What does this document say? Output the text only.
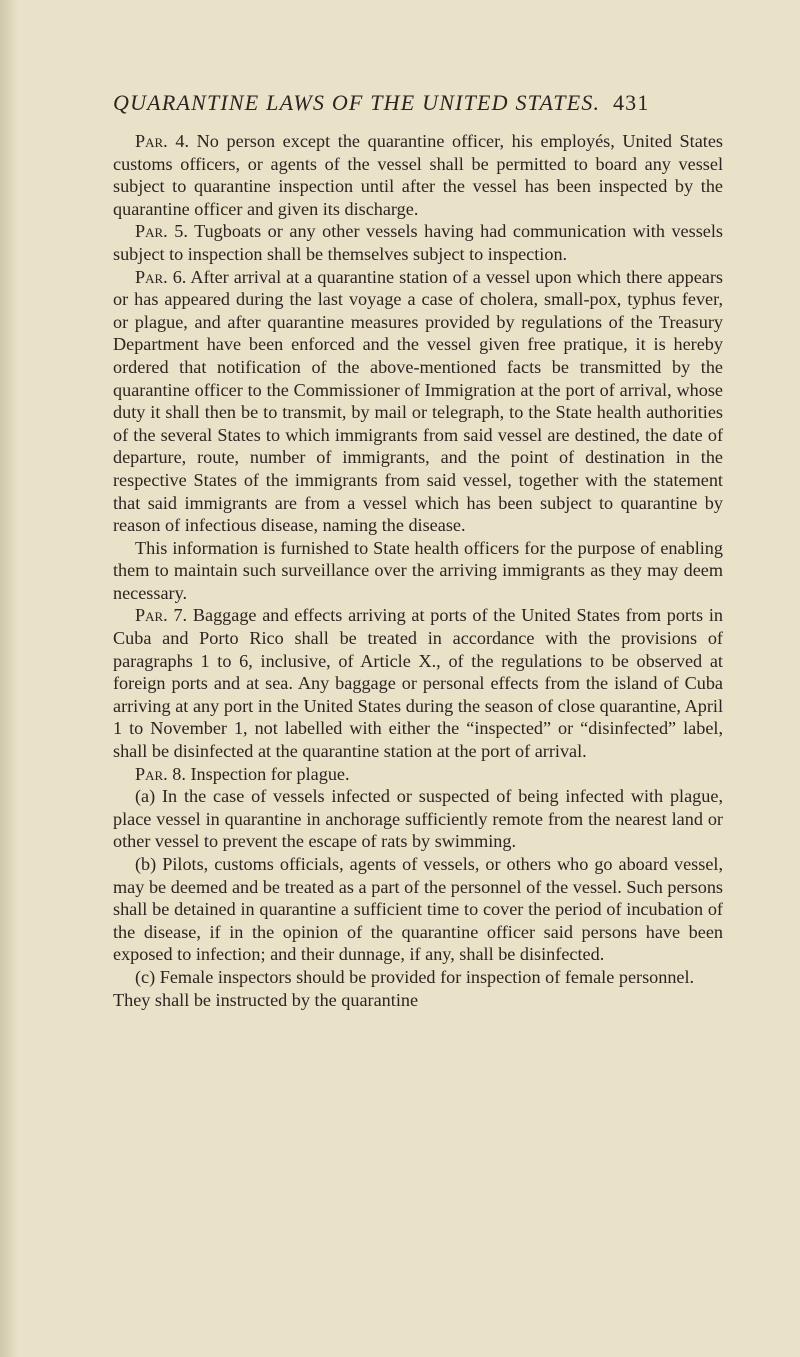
QUARANTINE LAWS OF THE UNITED STATES. 431

Par. 4. No person except the quarantine officer, his employés, United States customs officers, or agents of the vessel shall be permitted to board any vessel subject to quarantine inspection until after the vessel has been inspected by the quarantine officer and given its discharge.

Par. 5. Tugboats or any other vessels having had communication with vessels subject to inspection shall be themselves subject to inspection.

Par. 6. After arrival at a quarantine station of a vessel upon which there appears or has appeared during the last voyage a case of cholera, small-pox, typhus fever, or plague, and after quarantine measures provided by regulations of the Treasury Department have been enforced and the vessel given free pratique, it is hereby ordered that notification of the above-mentioned facts be transmitted by the quarantine officer to the Commissioner of Immigration at the port of arrival, whose duty it shall then be to transmit, by mail or telegraph, to the State health authorities of the several States to which immigrants from said vessel are destined, the date of departure, route, number of immigrants, and the point of destination in the respective States of the immigrants from said vessel, together with the statement that said immigrants are from a vessel which has been subject to quarantine by reason of infectious disease, naming the disease.

This information is furnished to State health officers for the purpose of enabling them to maintain such surveillance over the arriving immigrants as they may deem necessary.

Par. 7. Baggage and effects arriving at ports of the United States from ports in Cuba and Porto Rico shall be treated in accordance with the provisions of paragraphs 1 to 6, inclusive, of Article X., of the regulations to be observed at foreign ports and at sea. Any baggage or personal effects from the island of Cuba arriving at any port in the United States during the season of close quarantine, April 1 to November 1, not labelled with either the “inspected” or “disinfected” label, shall be disinfected at the quarantine station at the port of arrival.

Par. 8. Inspection for plague.

(a) In the case of vessels infected or suspected of being infected with plague, place vessel in quarantine in anchorage sufficiently remote from the nearest land or other vessel to prevent the escape of rats by swimming.

(b) Pilots, customs officials, agents of vessels, or others who go aboard vessel, may be deemed and be treated as a part of the personnel of the vessel. Such persons shall be detained in quarantine a sufficient time to cover the period of incubation of the disease, if in the opinion of the quarantine officer said persons have been exposed to infection; and their dunnage, if any, shall be disinfected.

(c) Female inspectors should be provided for inspection of female personnel. They shall be instructed by the quarantine
